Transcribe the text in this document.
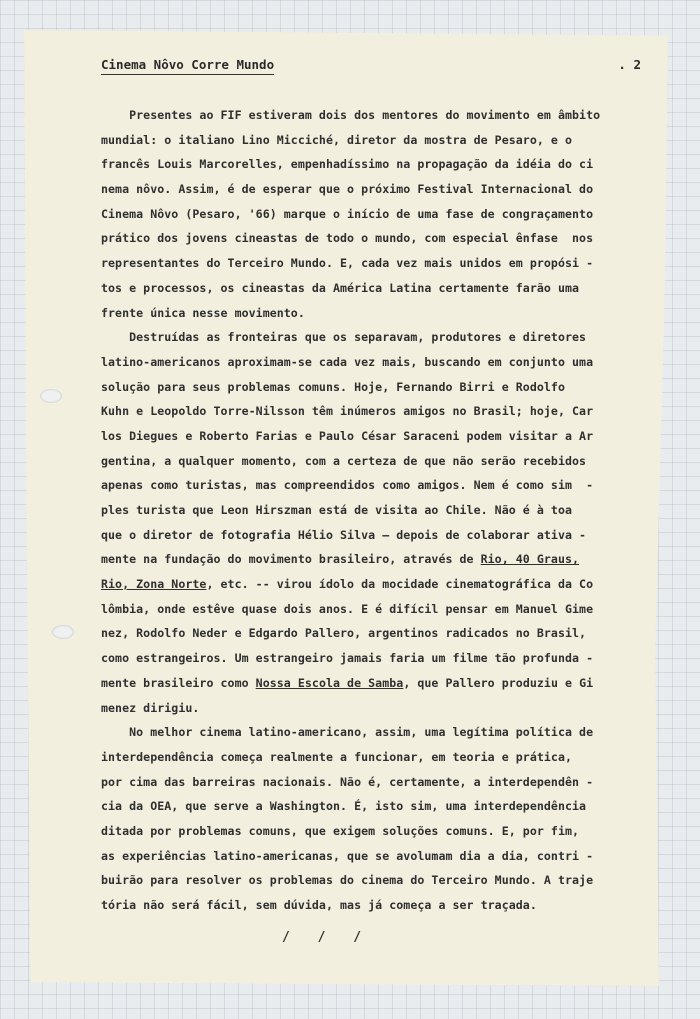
Cinema Nôvo Corre Mundo	. 2
Presentes ao FIF estiveram dois dos mentores do movimento em âmbito
mundial: o italiano Lino Micciché, diretor da mostra de Pesaro, e o
francês Louis Marcorelles, empenhadíssimo na propagação da idéia do ci
nema nôvo. Assim, é de esperar que o próximo Festival Internacional do
Cinema Nôvo (Pesaro, '66) marque o início de uma fase de congraçamento
prático dos jovens cineastas de todo o mundo, com especial ênfase  nos
representantes do Terceiro Mundo. E, cada vez mais unidos em propósi -
tos e processos, os cineastas da América Latina certamente farão uma
frente única nesse movimento.
Destruídas as fronteiras que os separavam, produtores e diretores
latino-americanos aproximam-se cada vez mais, buscando em conjunto uma
solução para seus problemas comuns. Hoje, Fernando Birri e Rodolfo
Kuhn e Leopoldo Torre-Nilsson têm inúmeros amigos no Brasil; hoje, Car
los Diegues e Roberto Farias e Paulo César Saraceni podem visitar a Ar
gentina, a qualquer momento, com a certeza de que não serão recebidos
apenas como turistas, mas compreendidos como amigos. Nem é como sim  -
ples turista que Leon Hirszman está de visita ao Chile. Não é à toa
que o diretor de fotografia Hélio Silva — depois de colaborar ativa -
mente na fundação do movimento brasileiro, através de Rio, 40 Graus,
Rio, Zona Norte, etc. -- virou ídolo da mocidade cinematográfica da Co
lômbia, onde estêve quase dois anos. E é difícil pensar em Manuel Gime
nez, Rodolfo Neder e Edgardo Pallero, argentinos radicados no Brasil,
como estrangeiros. Um estrangeiro jamais faria um filme tão profunda -
mente brasileiro como Nossa Escola de Samba, que Pallero produziu e Gi
menez dirigiu.
No melhor cinema latino-americano, assim, uma legítima política de
interdependência começa realmente a funcionar, em teoria e prática,
por cima das barreiras nacionais. Não é, certamente, a interdependên -
cia da OEA, que serve a Washington. É, isto sim, uma interdependência
ditada por problemas comuns, que exigem soluções comuns. E, por fim,
as experiências latino-americanas, que se avolumam dia a dia, contri -
buirão para resolver os problemas do cinema do Terceiro Mundo. A traje
tória não será fácil, sem dúvida, mas já começa a ser traçada.
/ / /
